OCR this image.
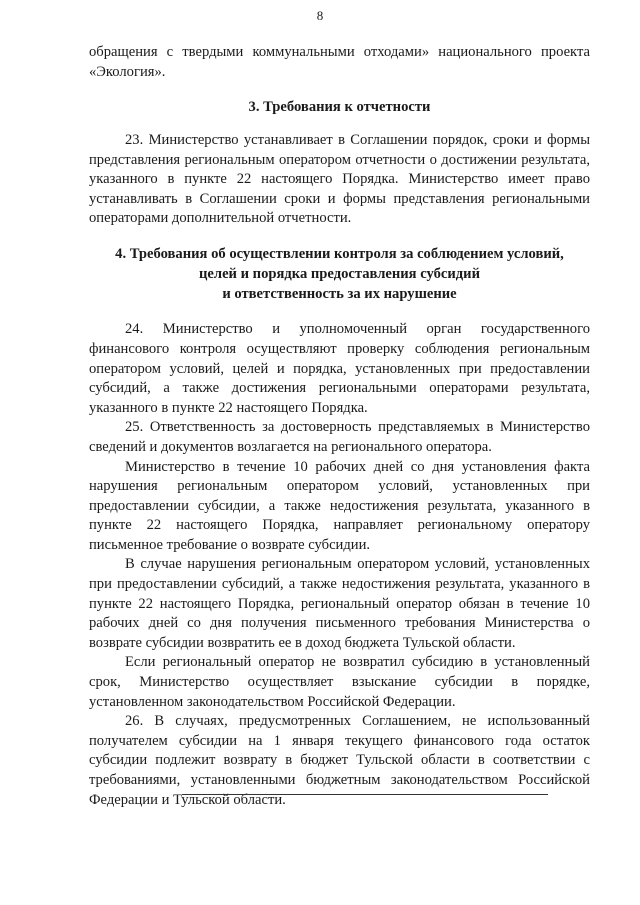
8

обращения с твердыми коммунальными отходами» национального проекта «Экология».

3. Требования к отчетности

23. Министерство устанавливает в Соглашении порядок, сроки и формы представления региональным оператором отчетности о достижении результата, указанного в пункте 22 настоящего Порядка. Министерство имеет право устанавливать в Соглашении сроки и формы представления региональными операторами дополнительной отчетности.

4. Требования об осуществлении контроля за соблюдением условий,
целей и порядка предоставления субсидий
и ответственность за их нарушение

24. Министерство и уполномоченный орган государственного финансового контроля осуществляют проверку соблюдения региональным оператором условий, целей и порядка, установленных при предоставлении субсидий, а также достижения региональными операторами результата, указанного в пункте 22 настоящего Порядка.

25. Ответственность за достоверность представляемых в Министерство сведений и документов возлагается на регионального оператора.

Министерство в течение 10 рабочих дней со дня установления факта нарушения региональным оператором условий, установленных при предоставлении субсидии, а также недостижения результата, указанного в пункте 22 настоящего Порядка, направляет региональному оператору письменное требование о возврате субсидии.

В случае нарушения региональным оператором условий, установленных при предоставлении субсидий, а также недостижения результата, указанного в пункте 22 настоящего Порядка, региональный оператор обязан в течение 10 рабочих дней со дня получения письменного требования Министерства о возврате субсидии возвратить ее в доход бюджета Тульской области.

Если региональный оператор не возвратил субсидию в установленный срок, Министерство осуществляет взыскание субсидии в порядке, установленном законодательством Российской Федерации.

26. В случаях, предусмотренных Соглашением, не использованный получателем субсидии на 1 января текущего финансового года остаток субсидии подлежит возврату в бюджет Тульской области в соответствии с требованиями, установленными бюджетным законодательством Российской Федерации и Тульской области.
